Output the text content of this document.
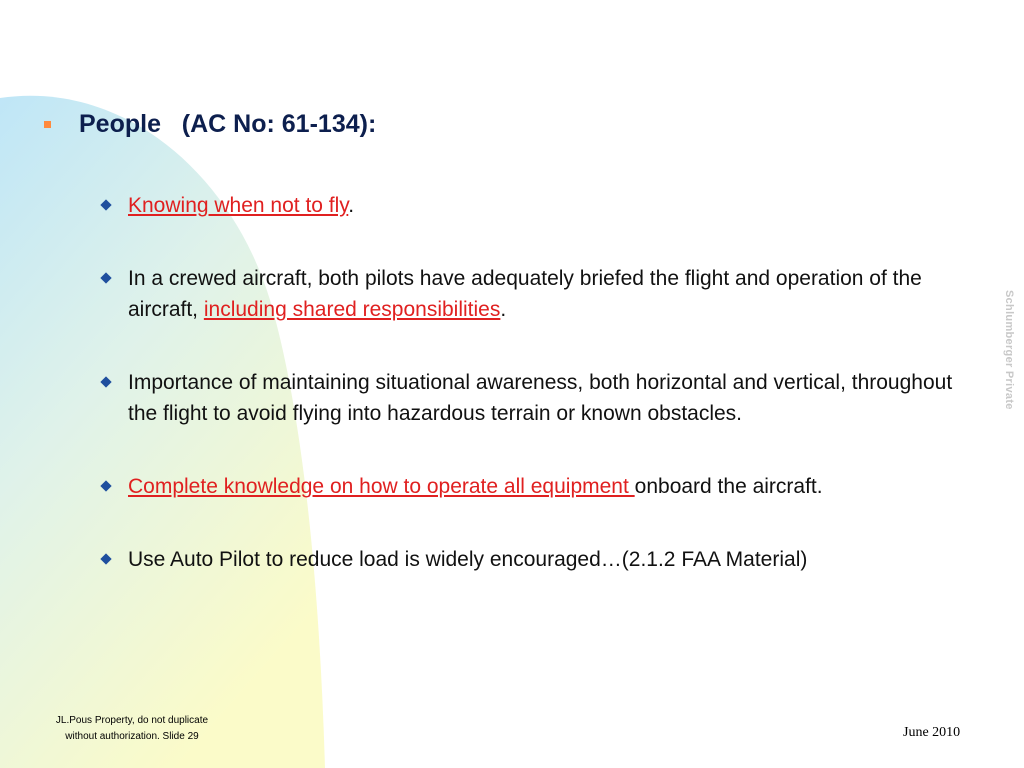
People   (AC No: 61-134):
Knowing when not to fly.
In a crewed aircraft, both pilots have adequately briefed the flight and operation of the aircraft, including shared responsibilities.
Importance of maintaining situational awareness, both horizontal and vertical, throughout the flight to avoid flying into hazardous terrain or known obstacles.
Complete knowledge on how to operate all equipment onboard the aircraft.
Use Auto Pilot to reduce load is widely encouraged…(2.1.2 FAA Material)
Schlumberger Private
JL.Pous Property, do not duplicate
without authorization. Slide 29	June 2010
